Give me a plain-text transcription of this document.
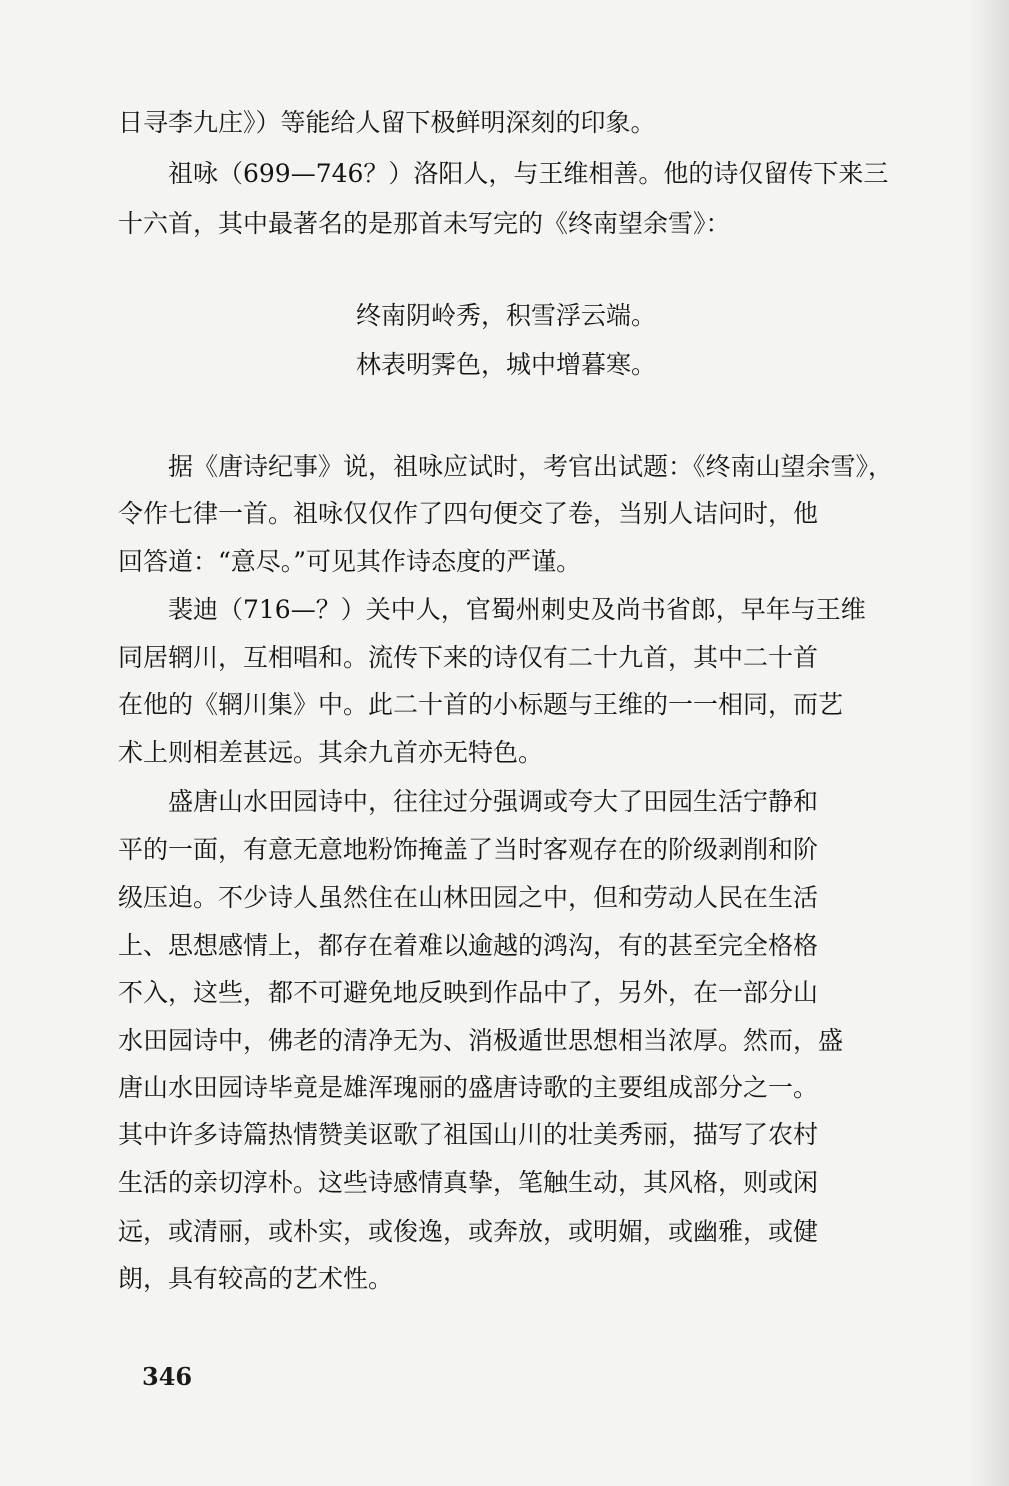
日寻李九庄》）等能给人留下极鲜明深刻的印象。
祖咏（699—746？）洛阳人，与王维相善。他的诗仅留传下来三
十六首，其中最著名的是那首未写完的《终南望余雪》：
终南阴岭秀，积雪浮云端。
林表明霁色，城中增暮寒。
据《唐诗纪事》说，祖咏应试时，考官出试题：《终南山望余雪》，
令作七律一首。祖咏仅仅作了四句便交了卷，当别人诘问时，他
回答道：“意尽。”可见其作诗态度的严谨。
裴迪（716—？）关中人，官蜀州刺史及尚书省郎，早年与王维
同居辋川，互相唱和。流传下来的诗仅有二十九首，其中二十首
在他的《辋川集》中。此二十首的小标题与王维的一一相同，而艺
术上则相差甚远。其余九首亦无特色。
盛唐山水田园诗中，往往过分强调或夸大了田园生活宁静和
平的一面，有意无意地粉饰掩盖了当时客观存在的阶级剥削和阶
级压迫。不少诗人虽然住在山林田园之中，但和劳动人民在生活
上、思想感情上，都存在着难以逾越的鸿沟，有的甚至完全格格
不入，这些，都不可避免地反映到作品中了，另外，在一部分山
水田园诗中，佛老的清净无为、消极遁世思想相当浓厚。然而，盛
唐山水田园诗毕竟是雄浑瑰丽的盛唐诗歌的主要组成部分之一。
其中许多诗篇热情赞美讴歌了祖国山川的壮美秀丽，描写了农村
生活的亲切淳朴。这些诗感情真挚，笔触生动，其风格，则或闲
远，或清丽，或朴实，或俊逸，或奔放，或明媚，或幽雅，或健
朗，具有较高的艺术性。
346
